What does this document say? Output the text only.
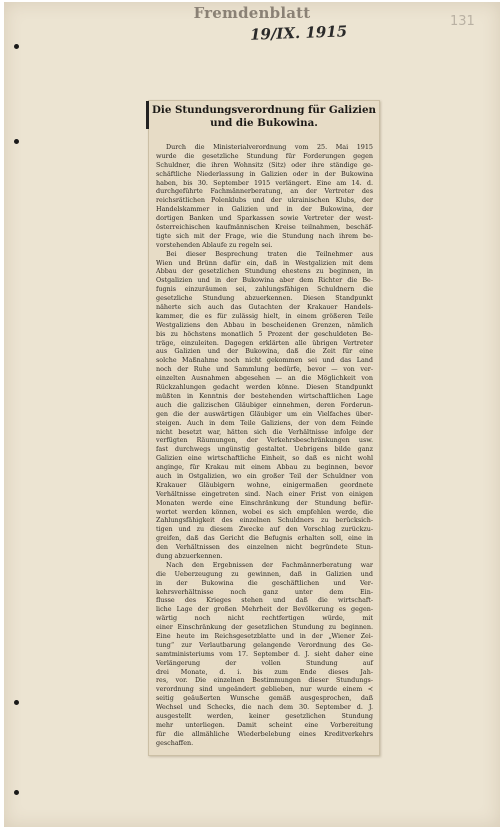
Fremdenblatt
19/IX. 1915
131
Die Stundungsverordnung für Galizien
und die Bukowina.
Durch die Ministerialverordnung vom 25. Mai 1915
wurde die gesetzliche Stundung für Forderungen gegen
Schuldner, die ihren Wohnsitz (Sitz) oder ihre ständige ge-
schäftliche Niederlassung in Galizien oder in der Bukowina
haben, bis 30. September 1915 verlängert. Eine am 14. d.
durchgeführte Fachmännerberatung, an der Vertreter des
reichsrätlichen Polenklubs und der ukrainischen Klubs, der
Handelskammer in Galizien und in der Bukowina, der
dortigen Banken und Sparkassen sowie Vertreter der west-
österreichischen kaufmännischen Kreise teilnahmen, beschäf-
tigte sich mit der Frage, wie die Stundung nach ihrem be-
vorstehenden Ablaufe zu regeln sei.
Bei dieser Besprechung traten die Teilnehmer aus
Wien und Brünn dafür ein, daß in Westgalizien mit dem
Abbau der gesetzlichen Stundung ehestens zu beginnen, in
Ostgalizien und in der Bukowina aber dem Richter die Be-
fugnis einzuräumen sei, zahlungsfähigen Schuldnern die
gesetzliche Stundung abzuerkennen. Diesen Standpunkt
näherte sich auch das Gutachten der Krakauer Handels-
kammer, die es für zulässig hielt, in einem größeren Teile
Westgaliziens den Abbau in bescheidenen Grenzen, nämlich
bis zu höchstens monatlich 5 Prozent der geschuldeten Be-
träge, einzuleiten. Dagegen erklärten alle übrigen Vertreter
aus Galizien und der Bukowina, daß die Zeit für eine
solche Maßnahme noch nicht gekommen sei und das Land
noch der Ruhe und Sammlung bedürfe, bevor — von ver-
einzelten Ausnahmen abgesehen — an die Möglichkeit von
Rückzahlungen gedacht werden könne. Diesen Standpunkt
müßten in Kenntnis der bestehenden wirtschaftlichen Lage
auch die galizischen Gläubiger einnehmen, deren Forderun-
gen die der auswärtigen Gläubiger um ein Vielfaches über-
steigen. Auch in dem Teile Galiziens, der von dem Feinde
nicht besetzt war, hätten sich die Verhältnisse infolge der
verfügten Räumungen, der Verkehrsbeschränkungen usw.
fast durchwegs ungünstig gestaltet. Uebrigens bilde ganz
Galizien eine wirtschaftliche Einheit, so daß es nicht wohl
anginge, für Krakau mit einem Abbau zu beginnen, bevor
auch in Ostgalizien, wo ein großer Teil der Schuldner von
Krakauer Gläubigern wohne, einigermaßen geordnete
Verhältnisse eingetreten sind. Nach einer Frist von einigen
Monaten werde eine Einschränkung der Stundung befür-
wortet werden können, wobei es sich empfehlen werde, die
Zahlungsfähigkeit des einzelnen Schuldners zu berücksich-
tigen und zu diesem Zwecke auf den Vorschlag zurückzu-
greifen, daß das Gericht die Befugnis erhalten soll, eine in
den Verhältnissen des einzelnen nicht begründete Stun-
dung abzuerkennen.
Nach den Ergebnissen der Fachmännerberatung war
die Ueberzeugung zu gewinnen, daß in Galizien und
in der Bukowina die geschäftlichen und Ver-
kehrsverhältnisse noch ganz unter dem Ein-
flusse des Krieges stehen und daß die wirtschaft-
liche Lage der großen Mehrheit der Bevölkerung es gegen-
wärtig noch nicht rechtfertigen würde, mit
einer Einschränkung der gesetzlichen Stundung zu beginnen.
Eine heute im Reichsgesetzblatte und in der „Wiener Zei-
tung“ zur Verlautbarung gelangende Verordnung des Ge-
samtministeriums vom 17. September d. J. sieht daher eine
Verlängerung der vollen Stundung auf
drei Monate, d. i. bis zum Ende dieses Jah-
res, vor. Die einzelnen Bestimmungen dieser Stundungs-
verordnung sind ungeändert geblieben, nur wurde einem ≺
seitig geäußerten Wunsche gemäß ausgesprochen, daß
Wechsel und Schecks, die nach dem 30. September d. J.
ausgestellt werden, keiner gesetzlichen Stundung
mehr unterliegen. Damit scheint eine Vorbereitung
für die allmähliche Wiederbelebung eines Kreditverkehrs
geschaffen.
